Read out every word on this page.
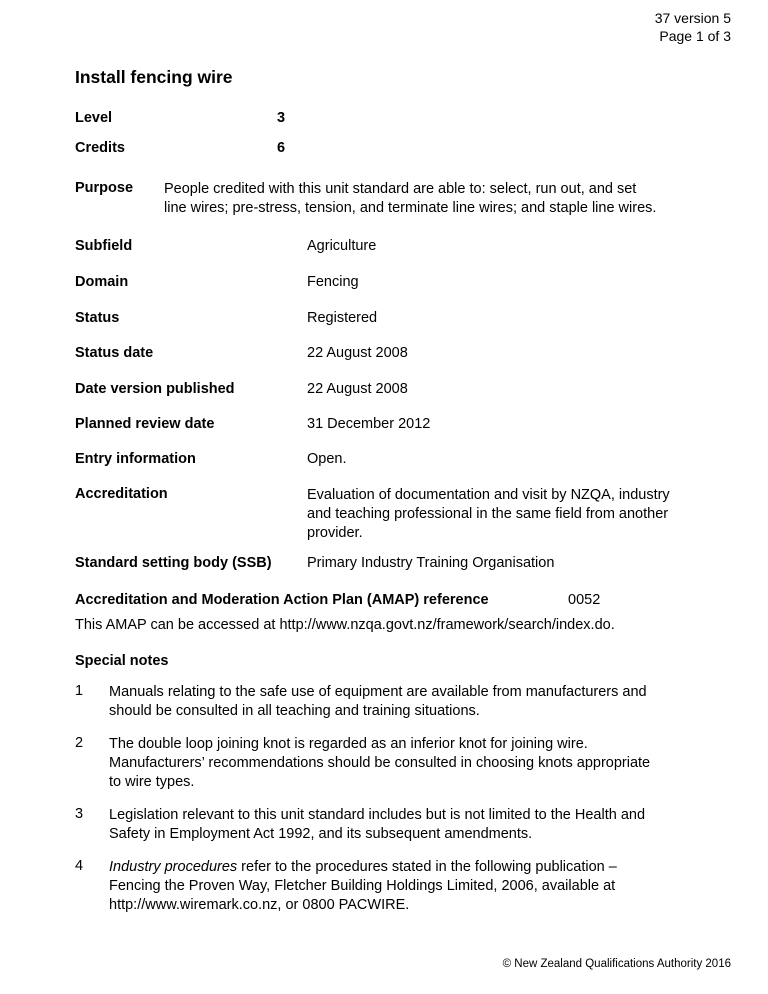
37 version 5
Page 1 of 3
Install fencing wire
Level	3
Credits	6
Purpose People credited with this unit standard are able to: select, run out, and set
line wires; pre-stress, tension, and terminate line wires; and staple line wires.
Subfield	Agriculture
Domain	Fencing
Status	Registered
Status date	22 August 2008
Date version published	22 August 2008
Planned review date	31 December 2012
Entry information	Open.
Accreditation	Evaluation of documentation and visit by NZQA, industry
and teaching professional in the same field from another
provider.
Standard setting body (SSB) Primary Industry Training Organisation
Accreditation and Moderation Action Plan (AMAP) reference	0052
This AMAP can be accessed at http://www.nzqa.govt.nz/framework/search/index.do.
Special notes
1 Manuals relating to the safe use of equipment are available from manufacturers and
should be consulted in all teaching and training situations.
2 The double loop joining knot is regarded as an inferior knot for joining wire.
Manufacturers’ recommendations should be consulted in choosing knots appropriate
to wire types.
3 Legislation relevant to this unit standard includes but is not limited to the Health and
Safety in Employment Act 1992, and its subsequent amendments.
4 Industry procedures refer to the procedures stated in the following publication –
Fencing the Proven Way, Fletcher Building Holdings Limited, 2006, available at
http://www.wiremark.co.nz, or 0800 PACWIRE.
© New Zealand Qualifications Authority 2016
